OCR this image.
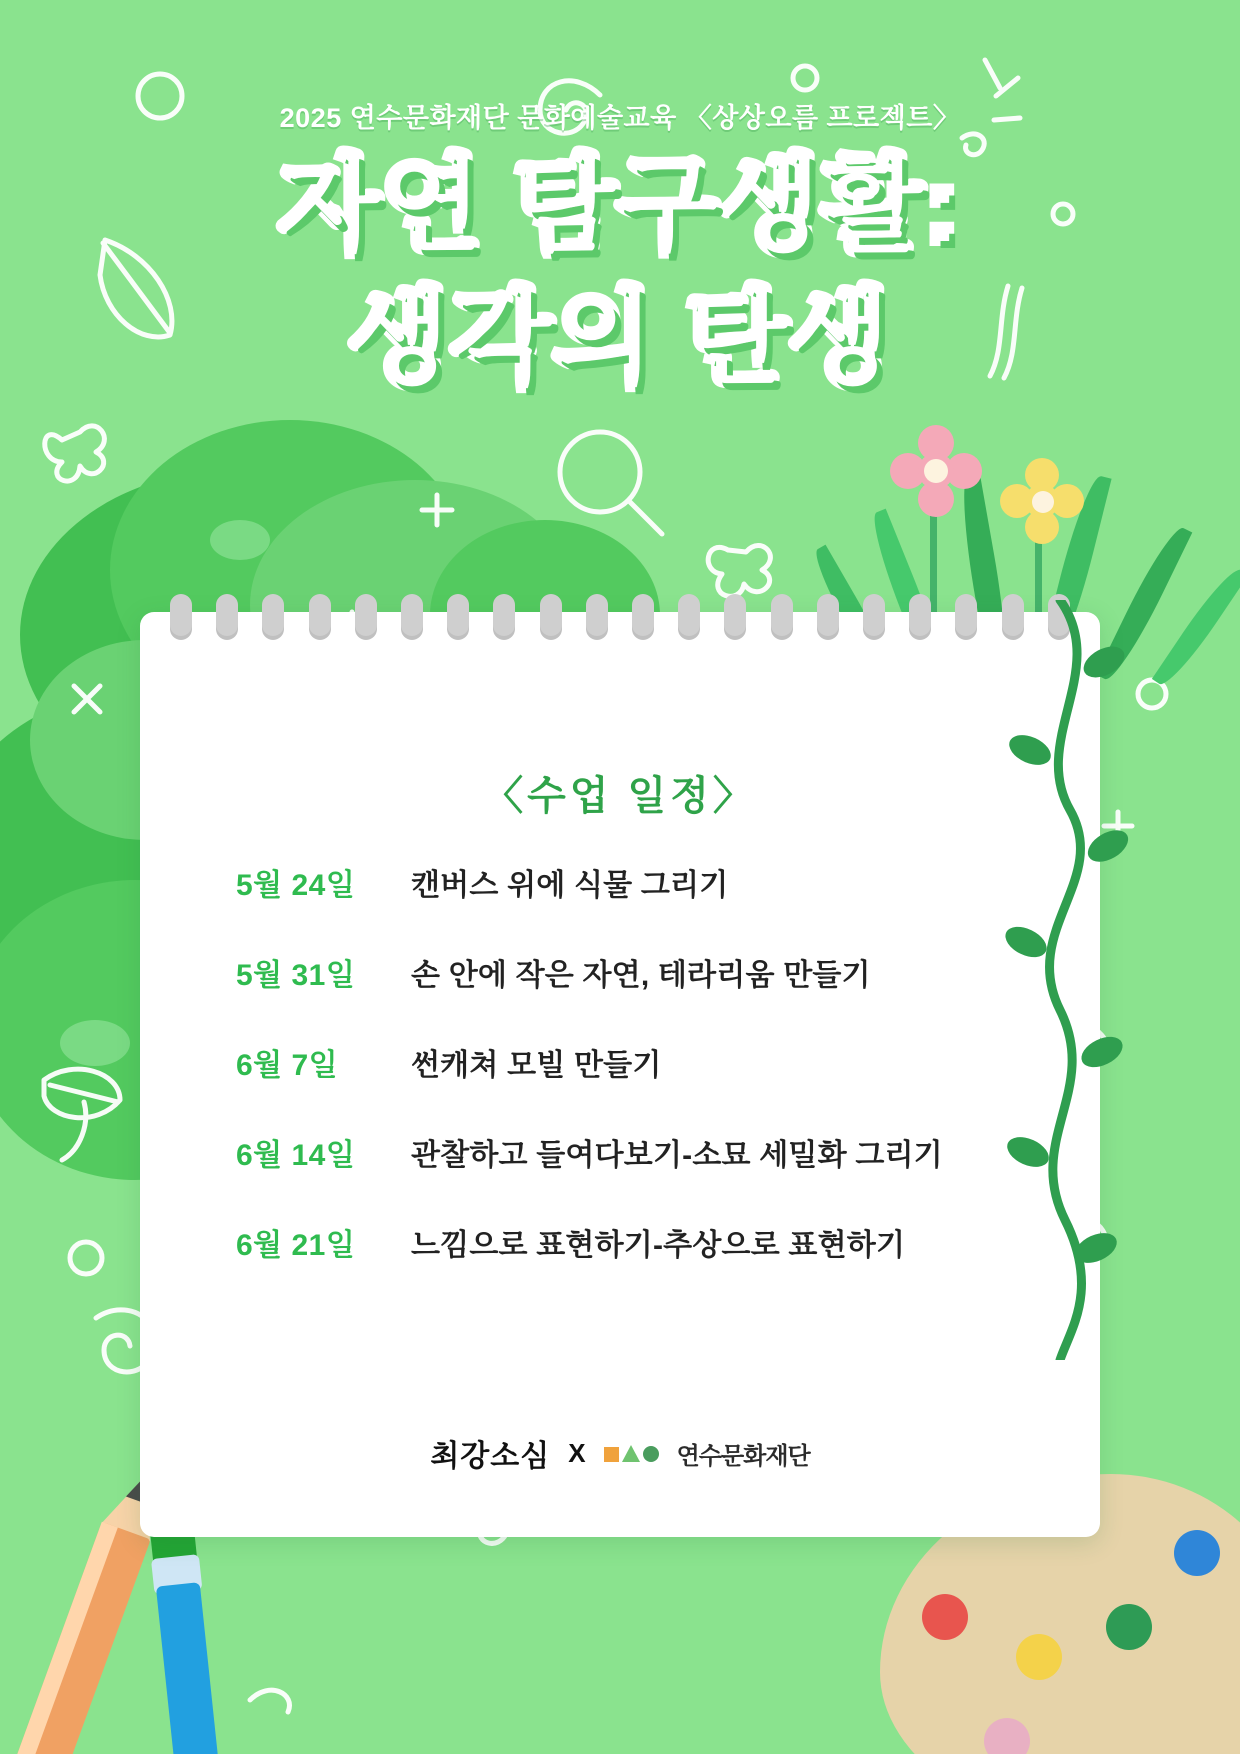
2025 연수문화재단 문화예술교육 〈상상오름 프로젝트〉
자연 탐구생활:
생각의 탄생
〈수업 일정〉
5월 24일	캔버스 위에 식물 그리기
5월 31일	손 안에 작은 자연, 테라리움 만들기
6월 7일	썬캐쳐 모빌 만들기
6월 14일	관찰하고 들여다보기-소묘 세밀화 그리기
6월 21일	느낌으로 표현하기-추상으로 표현하기
최강소심 X	연수문화재단
